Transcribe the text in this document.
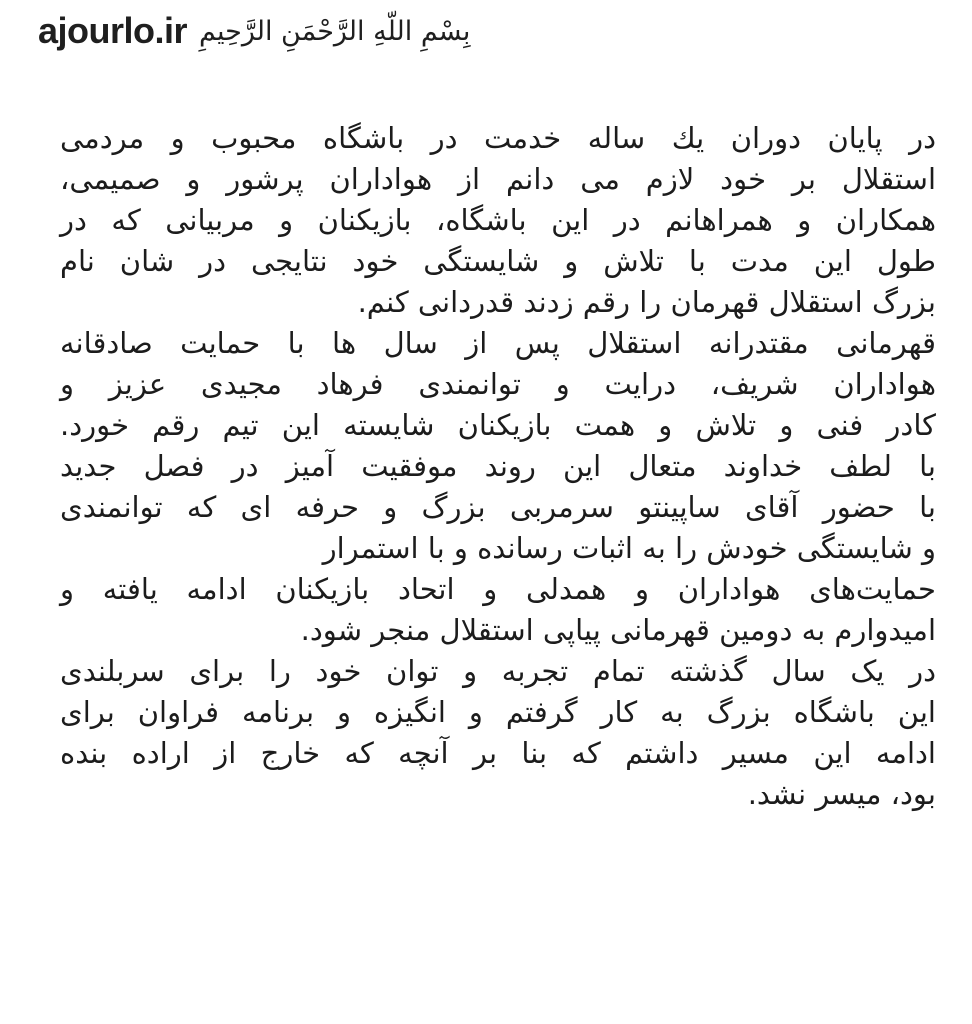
ajourlo.ir بِسْمِ اللّهِ الرَّحْمَنِ الرَّحِیمِ
در پایان دوران یك ساله خدمت در باشگاه محبوب و مردمی
استقلال بر خود لازم می دانم از هواداران پرشور و صمیمی،
همکاران و همراهانم در این باشگاه، بازیکنان و مربیانی که در
طول این مدت با تلاش و شایستگی خود نتایجی در شان نام
بزرگ استقلال قهرمان را رقم زدند قدردانی کنم.
قهرمانی مقتدرانه استقلال پس از سال ها با حمایت صادقانه
هواداران شریف، درایت و توانمندی فرهاد مجیدی عزیز و
کادر فنی و تلاش و همت بازیکنان شایسته این تیم رقم خورد.
با لطف خداوند متعال این روند موفقیت آمیز در فصل جدید
با حضور آقای ساپینتو سرمربی بزرگ و حرفه ای که توانمندی
و شایستگی خودش را به اثبات رسانده و با استمرار
حمایت‌های هواداران و همدلی و اتحاد بازیکنان ادامه یافته و
امیدوارم به دومین قهرمانی پیاپی استقلال منجر شود.
در یک سال گذشته تمام تجربه و توان خود را برای سربلندی
این باشگاه بزرگ به کار گرفتم و انگیزه و برنامه فراوان برای
ادامه این مسیر داشتم که بنا بر آنچه که خارج از اراده بنده
بود، میسر نشد.
